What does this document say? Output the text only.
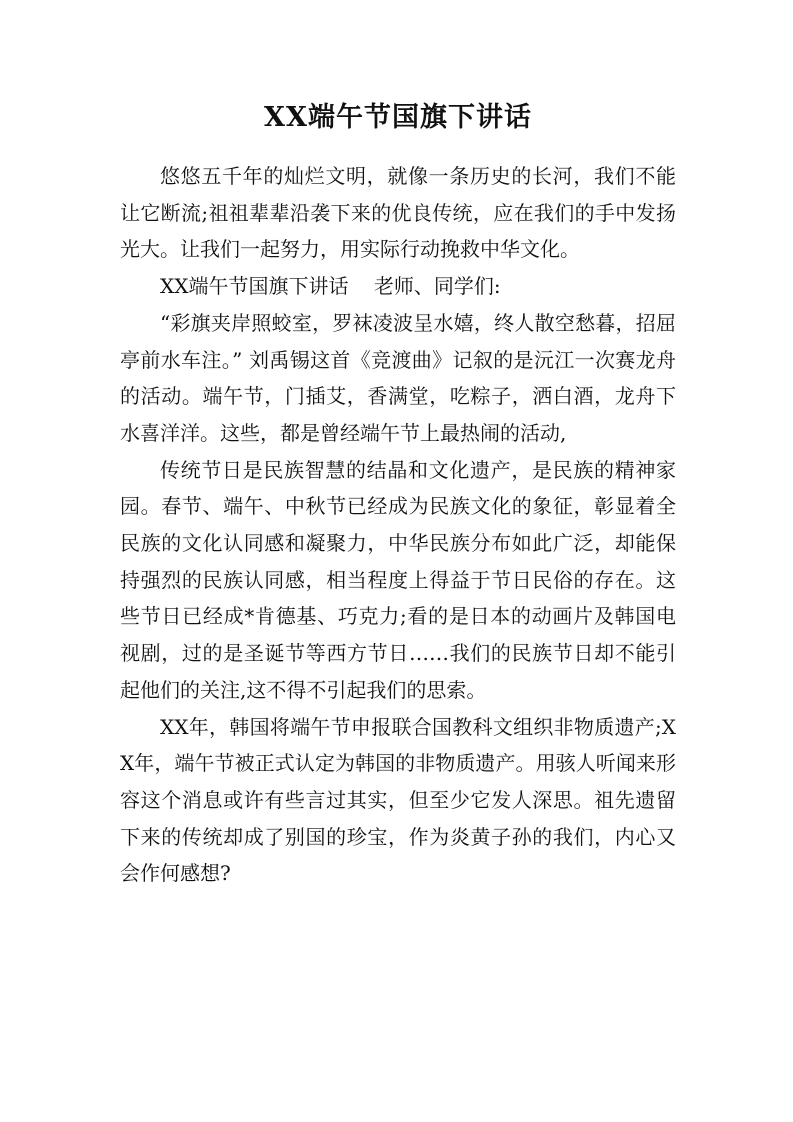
XX端午节国旗下讲话

悠悠五千年的灿烂文明，就像一条历史的长河，我们不能让它断流;祖祖辈辈沿袭下来的优良传统，应在我们的手中发扬光大。让我们一起努力，用实际行动挽救中华文化。

XX端午节国旗下讲话    老师、同学们:

“彩旗夹岸照蛟室，罗袜凌波呈水嬉，终人散空愁暮，招屈亭前水车注。” 刘禹锡这首《竞渡曲》记叙的是沅江一次赛龙舟的活动。端午节，门插艾，香满堂，吃粽子，洒白酒，龙舟下水喜洋洋。这些，都是曾经端午节上最热闹的活动,

传统节日是民族智慧的结晶和文化遗产，是民族的精神家园。春节、端午、中秋节已经成为民族文化的象征，彰显着全民族的文化认同感和凝聚力，中华民族分布如此广泛，却能保持强烈的民族认同感，相当程度上得益于节日民俗的存在。这些节日已经成*肯德基、巧克力;看的是日本的动画片及韩国电视剧，过的是圣诞节等西方节日……我们的民族节日却不能引起他们的关注,这不得不引起我们的思索。

XX年，韩国将端午节申报联合国教科文组织非物质遗产;XX年，端午节被正式认定为韩国的非物质遗产。用骇人听闻来形容这个消息或许有些言过其实，但至少它发人深思。祖先遗留下来的传统却成了别国的珍宝，作为炎黄子孙的我们，内心又会作何感想?
